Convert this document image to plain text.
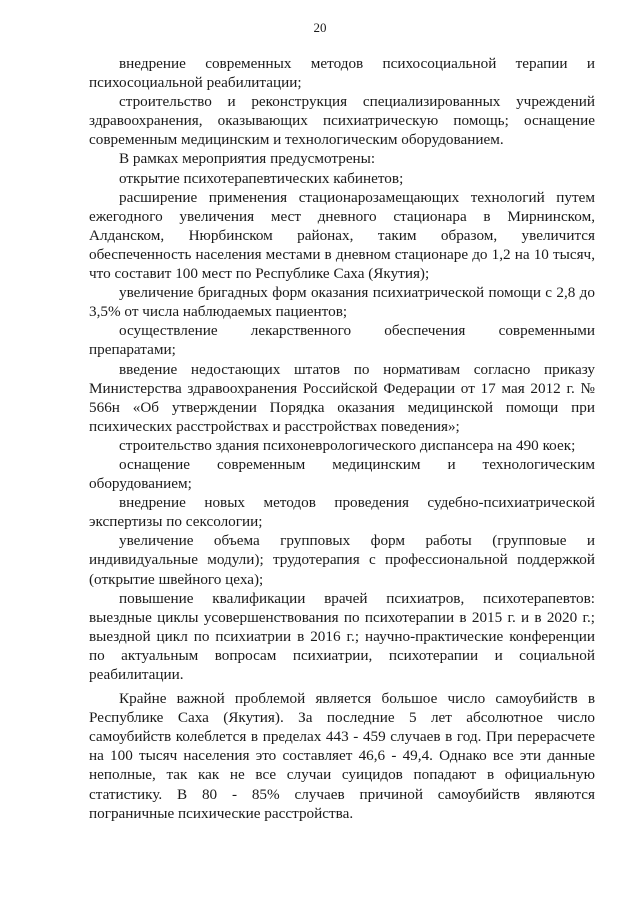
20

внедрение современных методов психосоциальной терапии и психосоциальной реабилитации;

строительство и реконструкция специализированных учреждений здравоохранения, оказывающих психиатрическую помощь; оснащение современным медицинским и технологическим оборудованием.

В рамках мероприятия предусмотрены:

открытие психотерапевтических кабинетов;

расширение применения стационарозамещающих технологий путем ежегодного увеличения мест дневного стационара в Мирнинском, Алданском, Нюрбинском районах, таким образом, увеличится обеспеченность населения местами в дневном стационаре до 1,2 на 10 тысяч, что составит 100 мест по Республике Саха (Якутия);

увеличение бригадных форм оказания психиатрической помощи с 2,8 до 3,5% от числа наблюдаемых пациентов;

осуществление лекарственного обеспечения современными препаратами;

введение недостающих штатов по нормативам согласно приказу Министерства здравоохранения Российской Федерации от 17 мая 2012 г. № 566н «Об утверждении Порядка оказания медицинской помощи при психических расстройствах и расстройствах поведения»;

строительство здания психоневрологического диспансера на 490 коек;

оснащение современным медицинским и технологическим оборудованием;

внедрение новых методов проведения судебно-психиатрической экспертизы по сексологии;

увеличение объема групповых форм работы (групповые и индивидуальные модули); трудотерапия с профессиональной поддержкой (открытие швейного цеха);

повышение квалификации врачей психиатров, психотерапевтов: выездные циклы усовершенствования по психотерапии в 2015 г. и в 2020 г.; выездной цикл по психиатрии в 2016 г.; научно-практические конференции по актуальным вопросам психиатрии, психотерапии и социальной реабилитации.

Крайне важной проблемой является большое число самоубийств в Республике Саха (Якутия). За последние 5 лет абсолютное число самоубийств колеблется в пределах 443 - 459 случаев в год. При перерасчете на 100 тысяч населения это составляет 46,6 - 49,4. Однако все эти данные неполные, так как не все случаи суицидов попадают в официальную статистику. В 80 - 85% случаев причиной самоубийств являются пограничные психические расстройства.
